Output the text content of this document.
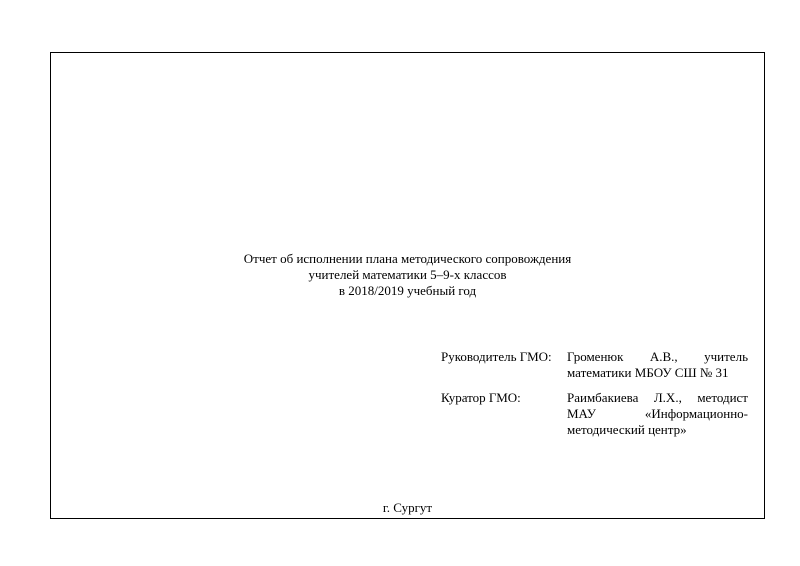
Отчет об исполнении плана методического сопровождения
учителей математики 5–9-х классов
в 2018/2019 учебный год
Руководитель ГМО:	Громенюк А.В., учитель
математики МБОУ СШ № 31

Куратор ГМО:	Раимбакиева Л.Х., методист
МАУ «Информационно-
методический центр»
г. Сургут
